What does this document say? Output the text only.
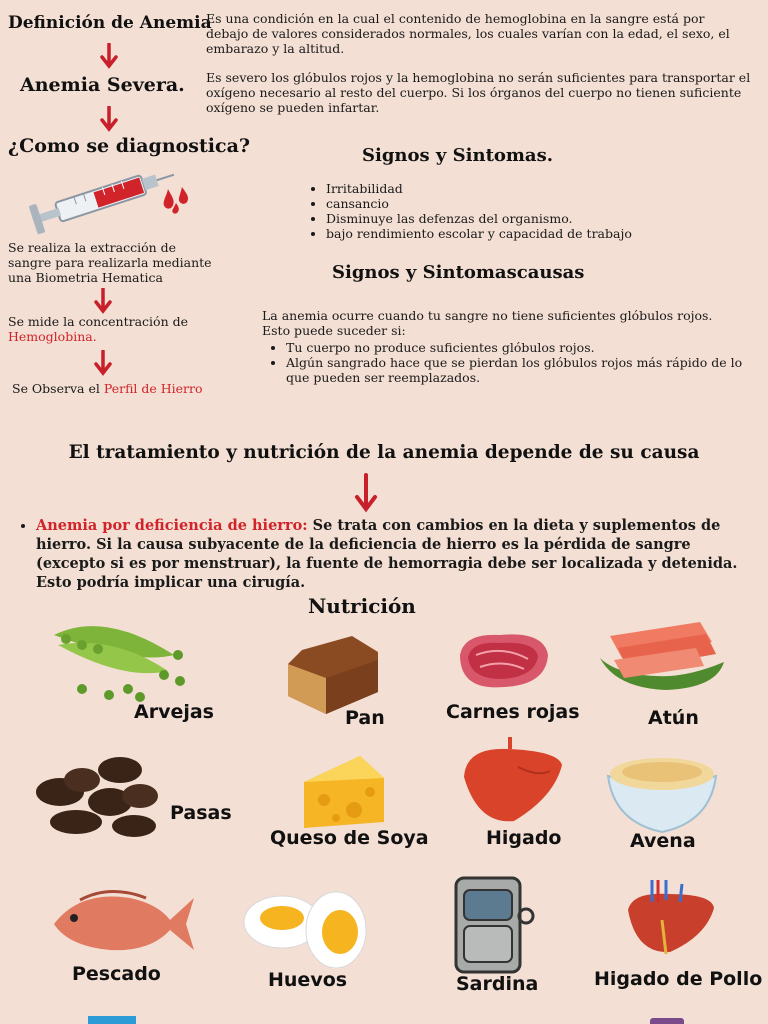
Definición de Anemia
Anemia Severa.
¿Como se diagnostica?
Se realiza la extracción de sangre para realizarla mediante una Biometria Hematica
Se mide la concentración de
Hemoglobina.
Se Observa el Perfil de Hierro
Es una condición en la cual el contenido de hemoglobina en la sangre está por debajo de valores considerados normales, los cuales varían con la edad, el sexo, el embarazo y la altitud.
Es severo los glóbulos rojos y la hemoglobina no serán suficientes para transportar el oxígeno necesario al resto del cuerpo. Si los órganos del cuerpo no tienen suficiente oxígeno se pueden infartar.
Signos y Sintomas.
• Irritabilidad
• cansancio
• Disminuye las defenzas del organismo.
• bajo rendimiento escolar y capacidad de trabajo
Signos y Sintomascausas
La anemia ocurre cuando tu sangre no tiene suficientes glóbulos rojos. Esto puede suceder si:
• Tu cuerpo no produce suficientes glóbulos rojos.
• Algún sangrado hace que se pierdan los glóbulos rojos más rápido de lo que pueden ser reemplazados.
El tratamiento y nutrición de la anemia depende de su causa
• Anemia por deficiencia de hierro: Se trata con cambios en la dieta y suplementos de hierro. Si la causa subyacente de la deficiencia de hierro es la pérdida de sangre (excepto si es por menstruar), la fuente de hemorragia debe ser localizada y detenida. Esto podría implicar una cirugía.
Nutrición
Arvejas	Pan	Carnes rojas	Atún
Pasas
Queso de Soya	Higado	Avena
Pescado	Huevos	Sardina	Higado de Pollo
